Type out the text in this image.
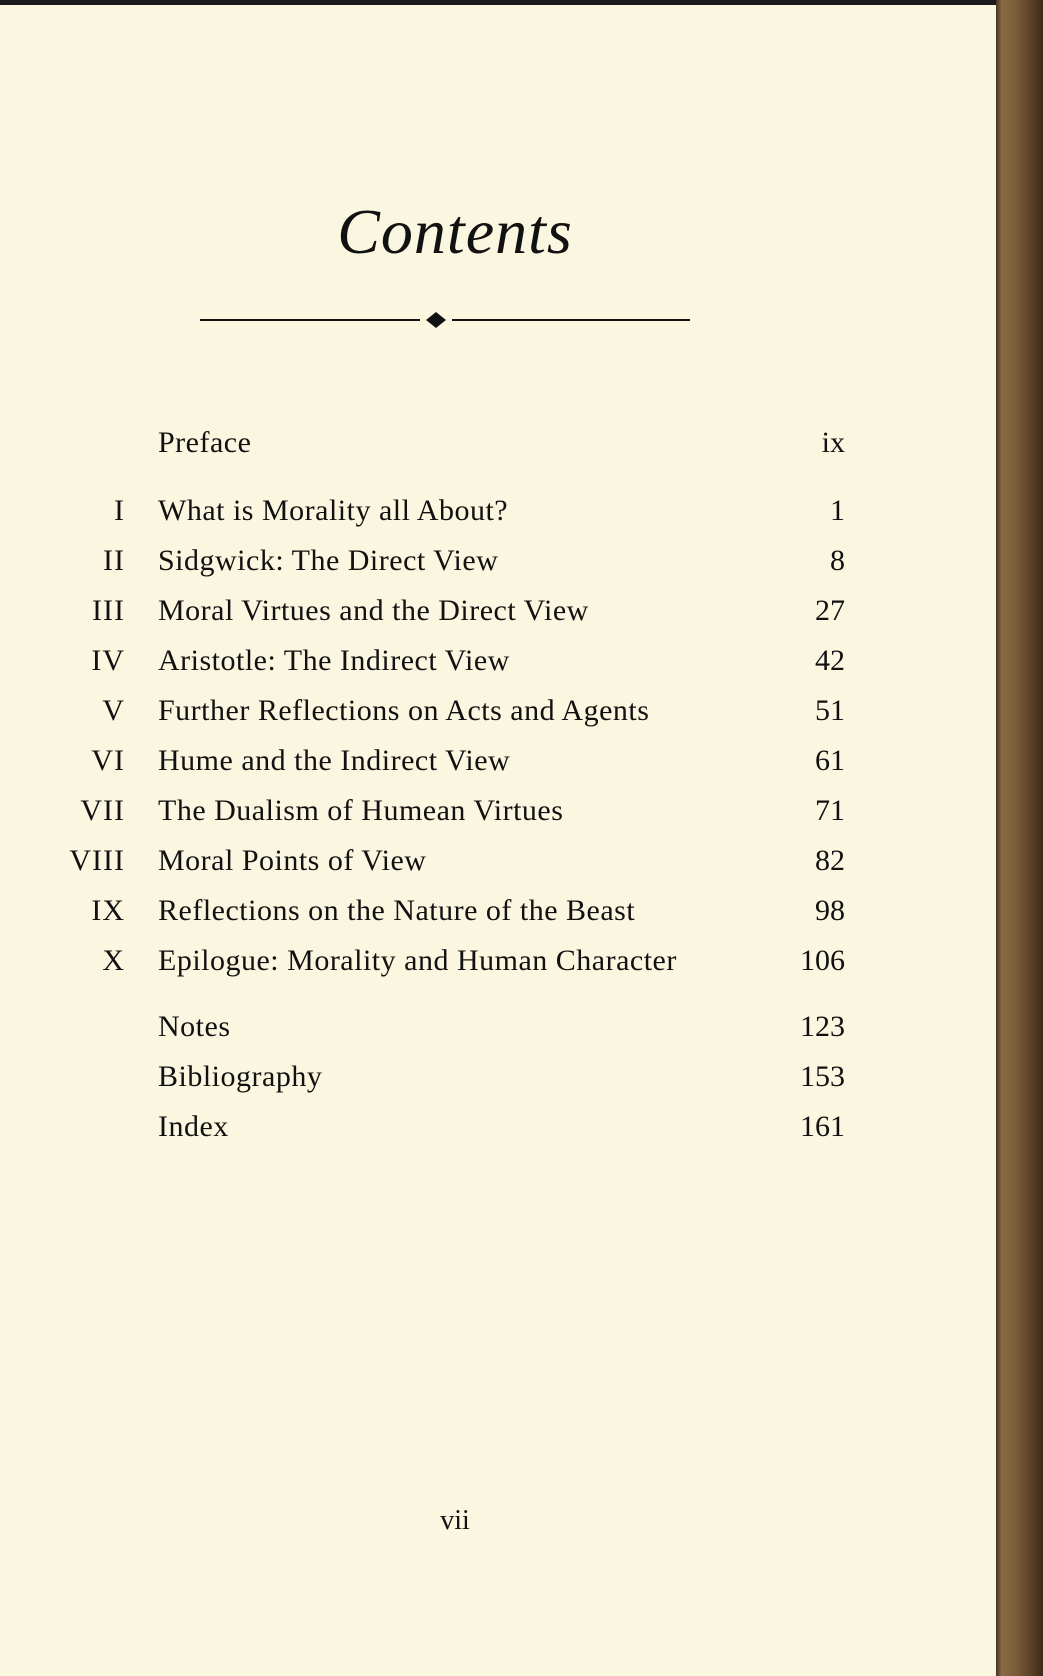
Contents
Preface	ix
I What is Morality all About?	1
II Sidgwick: The Direct View	8
III Moral Virtues and the Direct View	27
IV Aristotle: The Indirect View	42
V Further Reflections on Acts and Agents	51
VI Hume and the Indirect View	61
VII The Dualism of Humean Virtues	71
VIII Moral Points of View	82
IX Reflections on the Nature of the Beast	98
X Epilogue: Morality and Human Character	106
Notes	123
Bibliography	153
Index	161
vii
